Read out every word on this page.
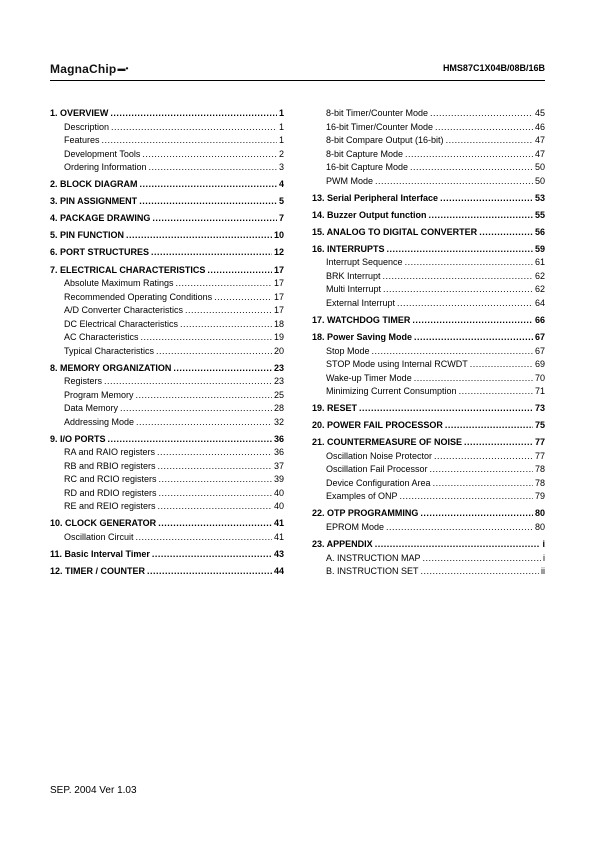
MagnaChip▬•	HMS87C1X04B/08B/16B
1. OVERVIEW . . .	1
Description . . .	1
Features . . .	1
Development Tools . . .	2
Ordering Information . . .	3
2. BLOCK DIAGRAM . . .	4
3. PIN ASSIGNMENT . . .	5
4. PACKAGE DRAWING . . .	7
5. PIN FUNCTION . . .	10
6. PORT STRUCTURES . . .	12
7. ELECTRICAL CHARACTERISTICS . . .	17
Absolute Maximum Ratings . . .	17
Recommended Operating Conditions . . .	17
A/D Converter Characteristics . . .	17
DC Electrical Characteristics . . .	18
AC Characteristics . . .	19
Typical Characteristics . . .	20
8. MEMORY ORGANIZATION . . .	23
Registers . . .	23
Program Memory . . .	25
Data Memory . . .	28
Addressing Mode . . .	32
9. I/O PORTS . . .	36
RA and RAIO registers . . .	36
RB and RBIO registers . . .	37
RC and RCIO registers . . .	39
RD and RDIO registers . . .	40
RE and REIO registers . . .	40
10. CLOCK GENERATOR . . .	41
Oscillation Circuit . . .	41
11. Basic Interval Timer . . .	43
12. TIMER / COUNTER . . .	44
8-bit Timer/Counter Mode . . .	45
16-bit Timer/Counter Mode . . .	46
8-bit Compare Output (16-bit) . . .	47
8-bit Capture Mode . . .	47
16-bit Capture Mode . . .	50
PWM Mode . . .	50
13. Serial Peripheral Interface . . .	53
14. Buzzer Output function . . .	55
15. ANALOG TO DIGITAL CONVERTER . . .	56
16. INTERRUPTS . . .	59
Interrupt Sequence . . .	61
BRK Interrupt . . .	62
Multi Interrupt . . .	62
External Interrupt . . .	64
17. WATCHDOG TIMER . . .	66
18. Power Saving Mode . . .	67
Stop Mode . . .	67
STOP Mode using Internal RCWDT . . .	69
Wake-up Timer Mode . . .	70
Minimizing Current Consumption . . .	71
19. RESET . . .	73
20. POWER FAIL PROCESSOR . . .	75
21. COUNTERMEASURE OF NOISE . . .	77
Oscillation Noise Protector . . .	77
Oscillation Fail Processor . . .	78
Device Configuration Area . . .	78
Examples of ONP . . .	79
22. OTP PROGRAMMING . . .	80
EPROM Mode . . .	80
23. APPENDIX . . .	i
A. INSTRUCTION MAP . . .	i
B. INSTRUCTION SET . . .	ii
SEP. 2004 Ver 1.03
